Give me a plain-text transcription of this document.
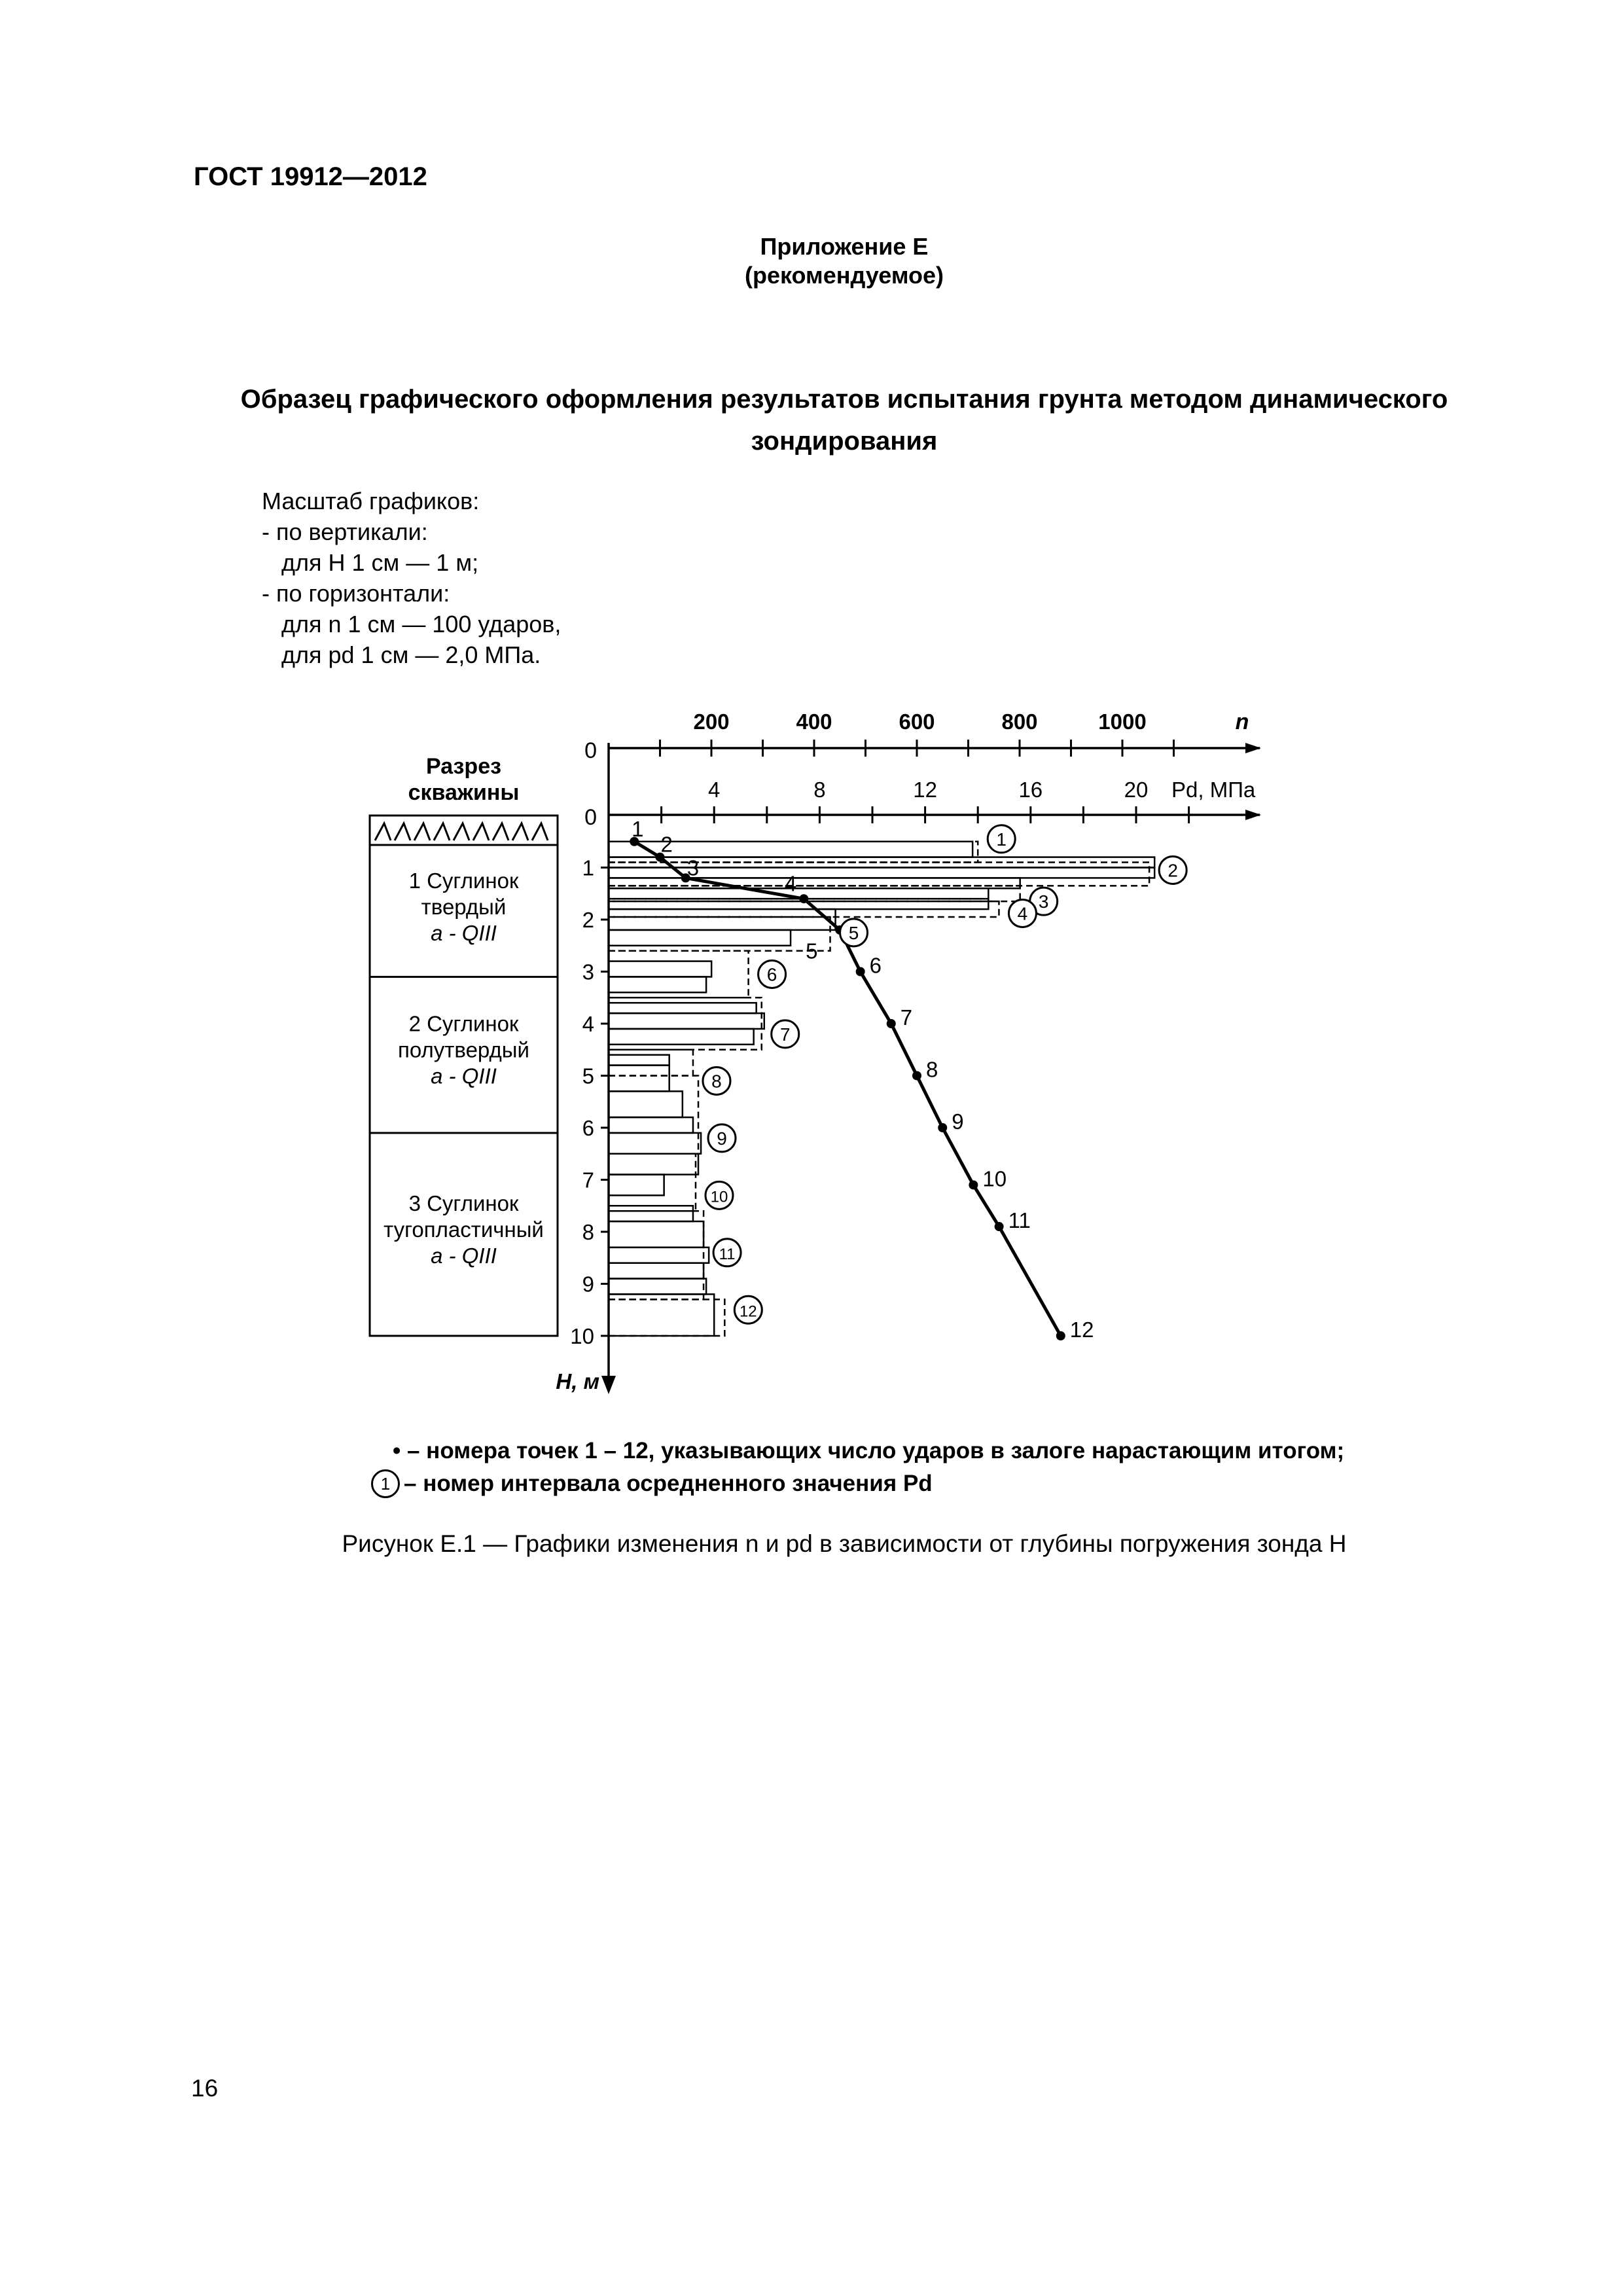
ГОСТ 19912—2012
Приложение Е
(рекомендуемое)
Образец графического оформления результатов испытания грунта методом динамического
зондирования
Масштаб графиков:
- по вертикали:
для H 1 см — 1 м;
- по горизонтали:
для n 1 см — 100 ударов,
для pd 1 см — 2,0 МПа.
Разрез
скважины
1 Суглинок
твердый
a - QIII
2 Суглинок
полутвердый
a - QIII
3 Суглинок
тугопластичный
a - QIII
0
0
200	400	600	800	1000	n
4	8	12	16	20 Pd, МПа
1
2
3
4
5
6
7
8
9
10
H, м
1
2
3
4
5
6
7
8
9
10
11
12
6
7
8
9
10
11
12
1
2
3
4
5
• – номера точек 1 – 12, указывающих число ударов в залоге нарастающим итогом;
1 – номер интервала осредненного значения Pd
Рисунок Е.1 — Графики изменения n и pd в зависимости от глубины погружения зонда H
16
